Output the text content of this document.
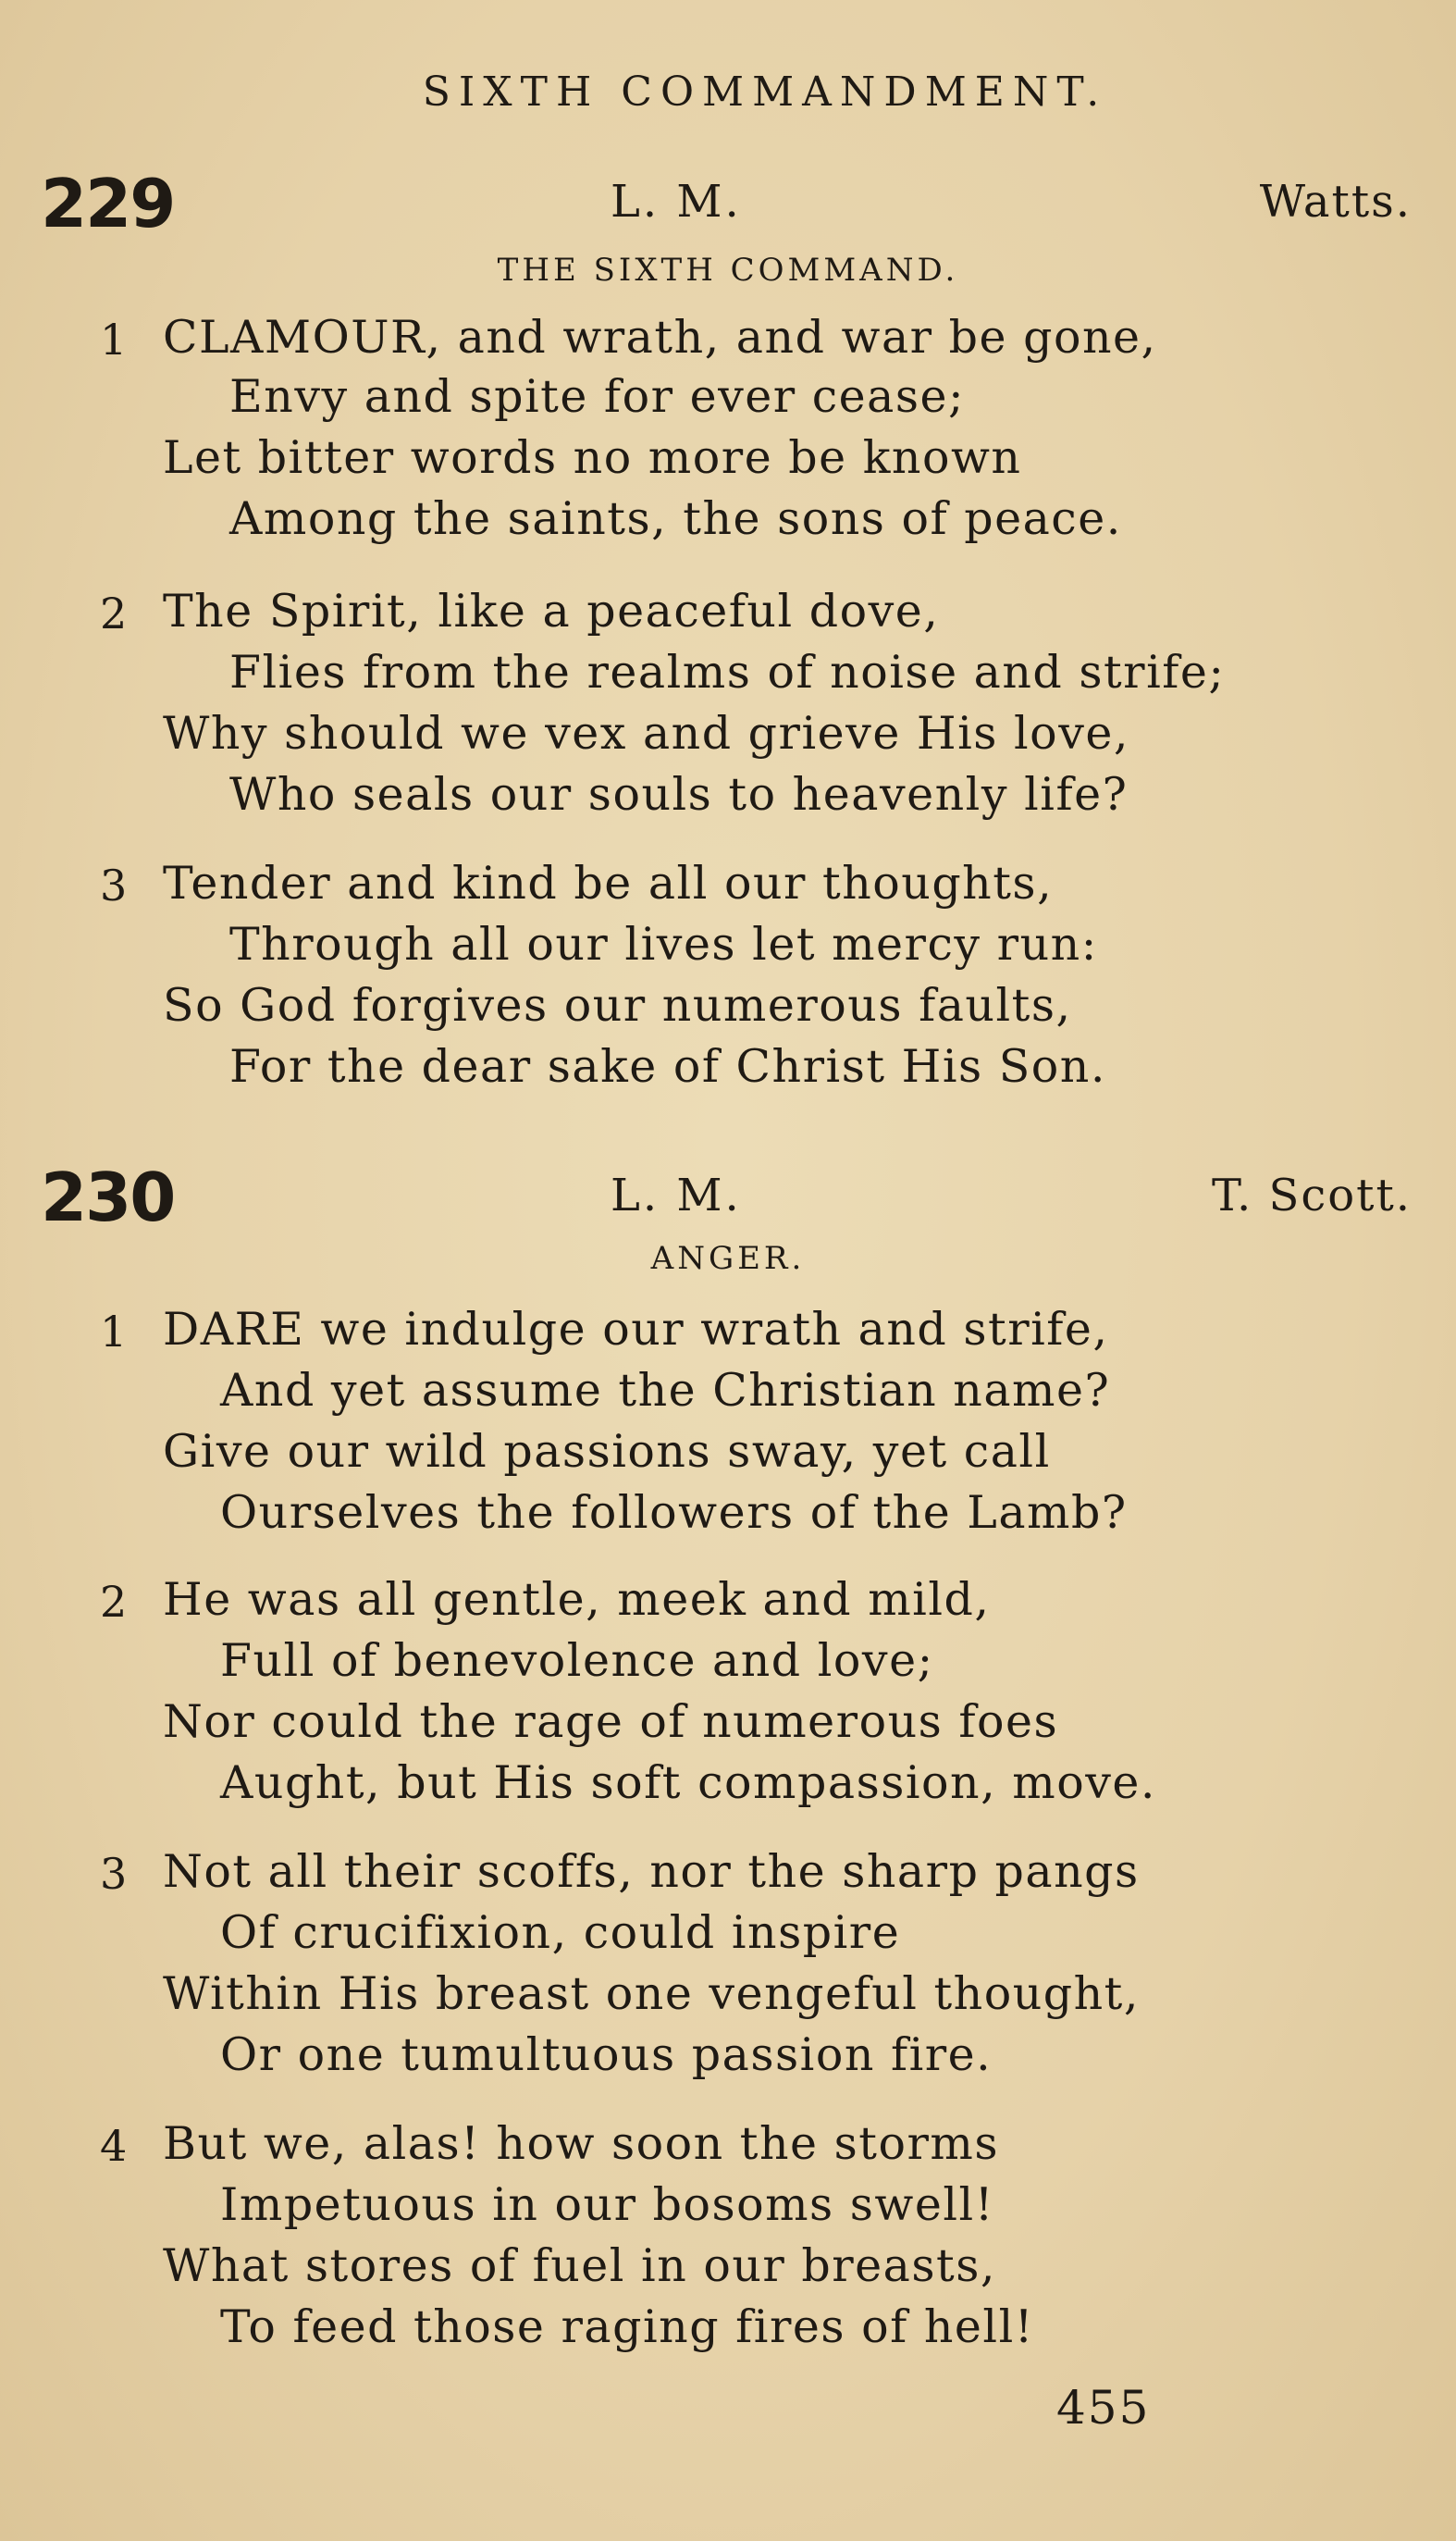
SIXTH COMMANDMENT.
229	L. M.	Watts.
THE SIXTH COMMAND.
1 CLAMOUR, and wrath, and war be gone,
Envy and spite for ever cease;
Let bitter words no more be known
Among the saints, the sons of peace.
2 The Spirit, like a peaceful dove,
Flies from the realms of noise and strife;
Why should we vex and grieve His love,
Who seals our souls to heavenly life?
3 Tender and kind be all our thoughts,
Through all our lives let mercy run:
So God forgives our numerous faults,
For the dear sake of Christ His Son.
230	L. M.	T. Scott.
ANGER.
1 DARE we indulge our wrath and strife,
And yet assume the Christian name?
Give our wild passions sway, yet call
Ourselves the followers of the Lamb?
2 He was all gentle, meek and mild,
Full of benevolence and love;
Nor could the rage of numerous foes
Aught, but His soft compassion, move.
3 Not all their scoffs, nor the sharp pangs
Of crucifixion, could inspire
Within His breast one vengeful thought,
Or one tumultuous passion fire.
4 But we, alas! how soon the storms
Impetuous in our bosoms swell!
What stores of fuel in our breasts,
To feed those raging fires of hell!
455
